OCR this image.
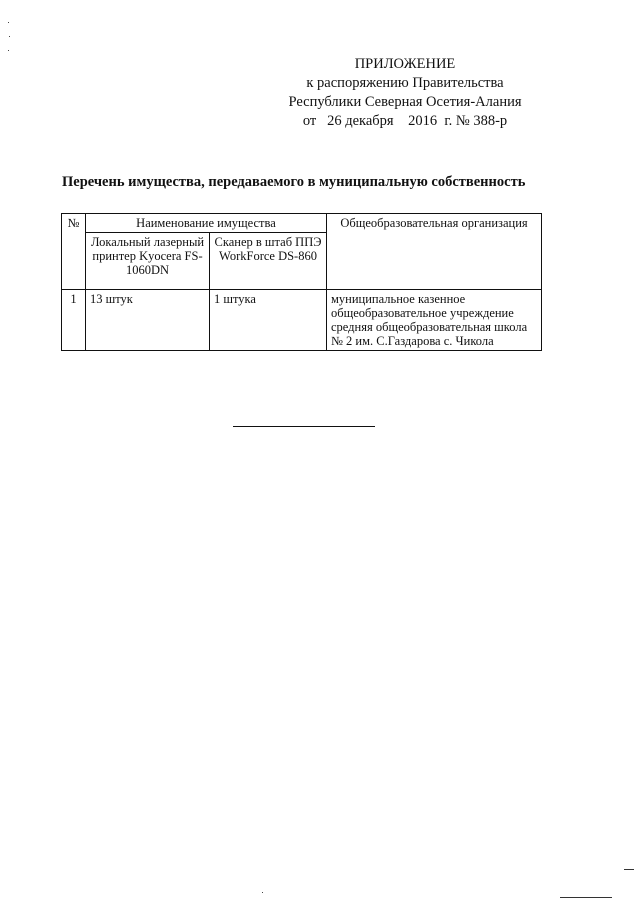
ПРИЛОЖЕНИЕ
к распоряжению Правительства
Республики Северная Осетия-Алания
от   26 декабря    2016  г. № 388-р
Перечень имущества, передаваемого в муниципальную собственность
№	Наименование имущества		Общеобразовательная организация
	Локальный лазерный принтер Kyocera FS-1060DN	Сканер в штаб ППЭ WorkForce DS-860	
1	13 штук	1 штука	муниципальное казенное общеобразовательное учреждение средняя общеобразовательная школа № 2 им. С.Газдарова с. Чикола
